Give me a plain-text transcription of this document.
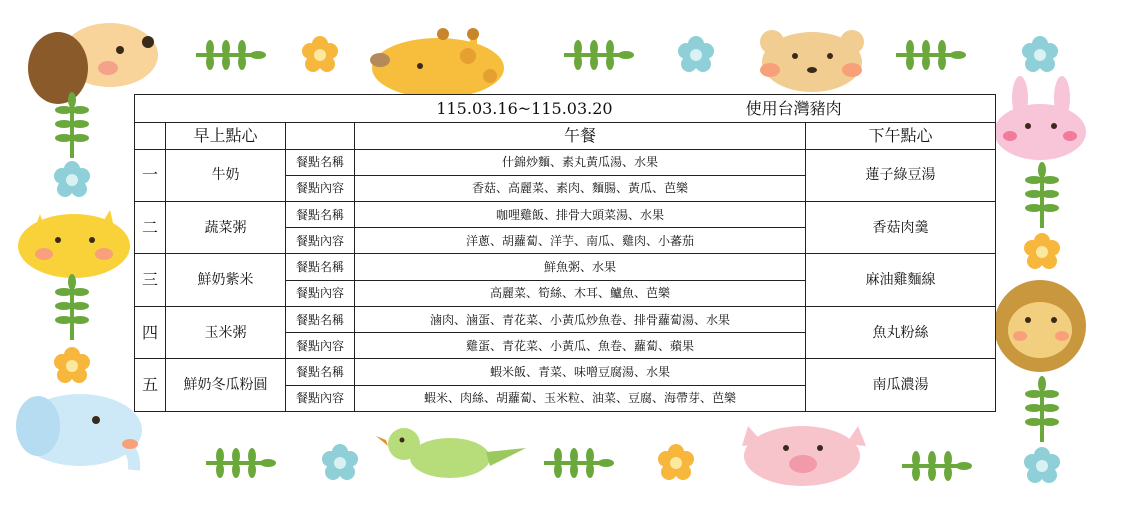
115.03.16~115.03.20 使用台灣豬肉				
	早上點心		午餐	下午點心
一	牛奶	餐點名稱	什錦炒麵、素丸黃瓜湯、水果	蓮子綠豆湯
		餐點內容	香菇、高麗菜、素肉、麵腸、黃瓜、芭樂	
二	蔬菜粥	餐點名稱	咖哩雞飯、排骨大頭菜湯、水果	香菇肉羹
		餐點內容	洋蔥、胡蘿蔔、洋芋、南瓜、雞肉、小蕃茄	
三	鮮奶紫米	餐點名稱	鮮魚粥、水果	麻油雞麵線
		餐點內容	高麗菜、筍絲、木耳、鱸魚、芭樂	
四	玉米粥	餐點名稱	滷肉、滷蛋、青花菜、小黃瓜炒魚卷、排骨蘿蔔湯、水果	魚丸粉絲
		餐點內容	雞蛋、青花菜、小黃瓜、魚卷、蘿蔔、蘋果	
五	鮮奶冬瓜粉圓	餐點名稱	蝦米飯、青菜、味噌豆腐湯、水果	南瓜濃湯
		餐點內容	蝦米、肉絲、胡蘿蔔、玉米粒、油菜、豆腐、海帶芽、芭樂	
